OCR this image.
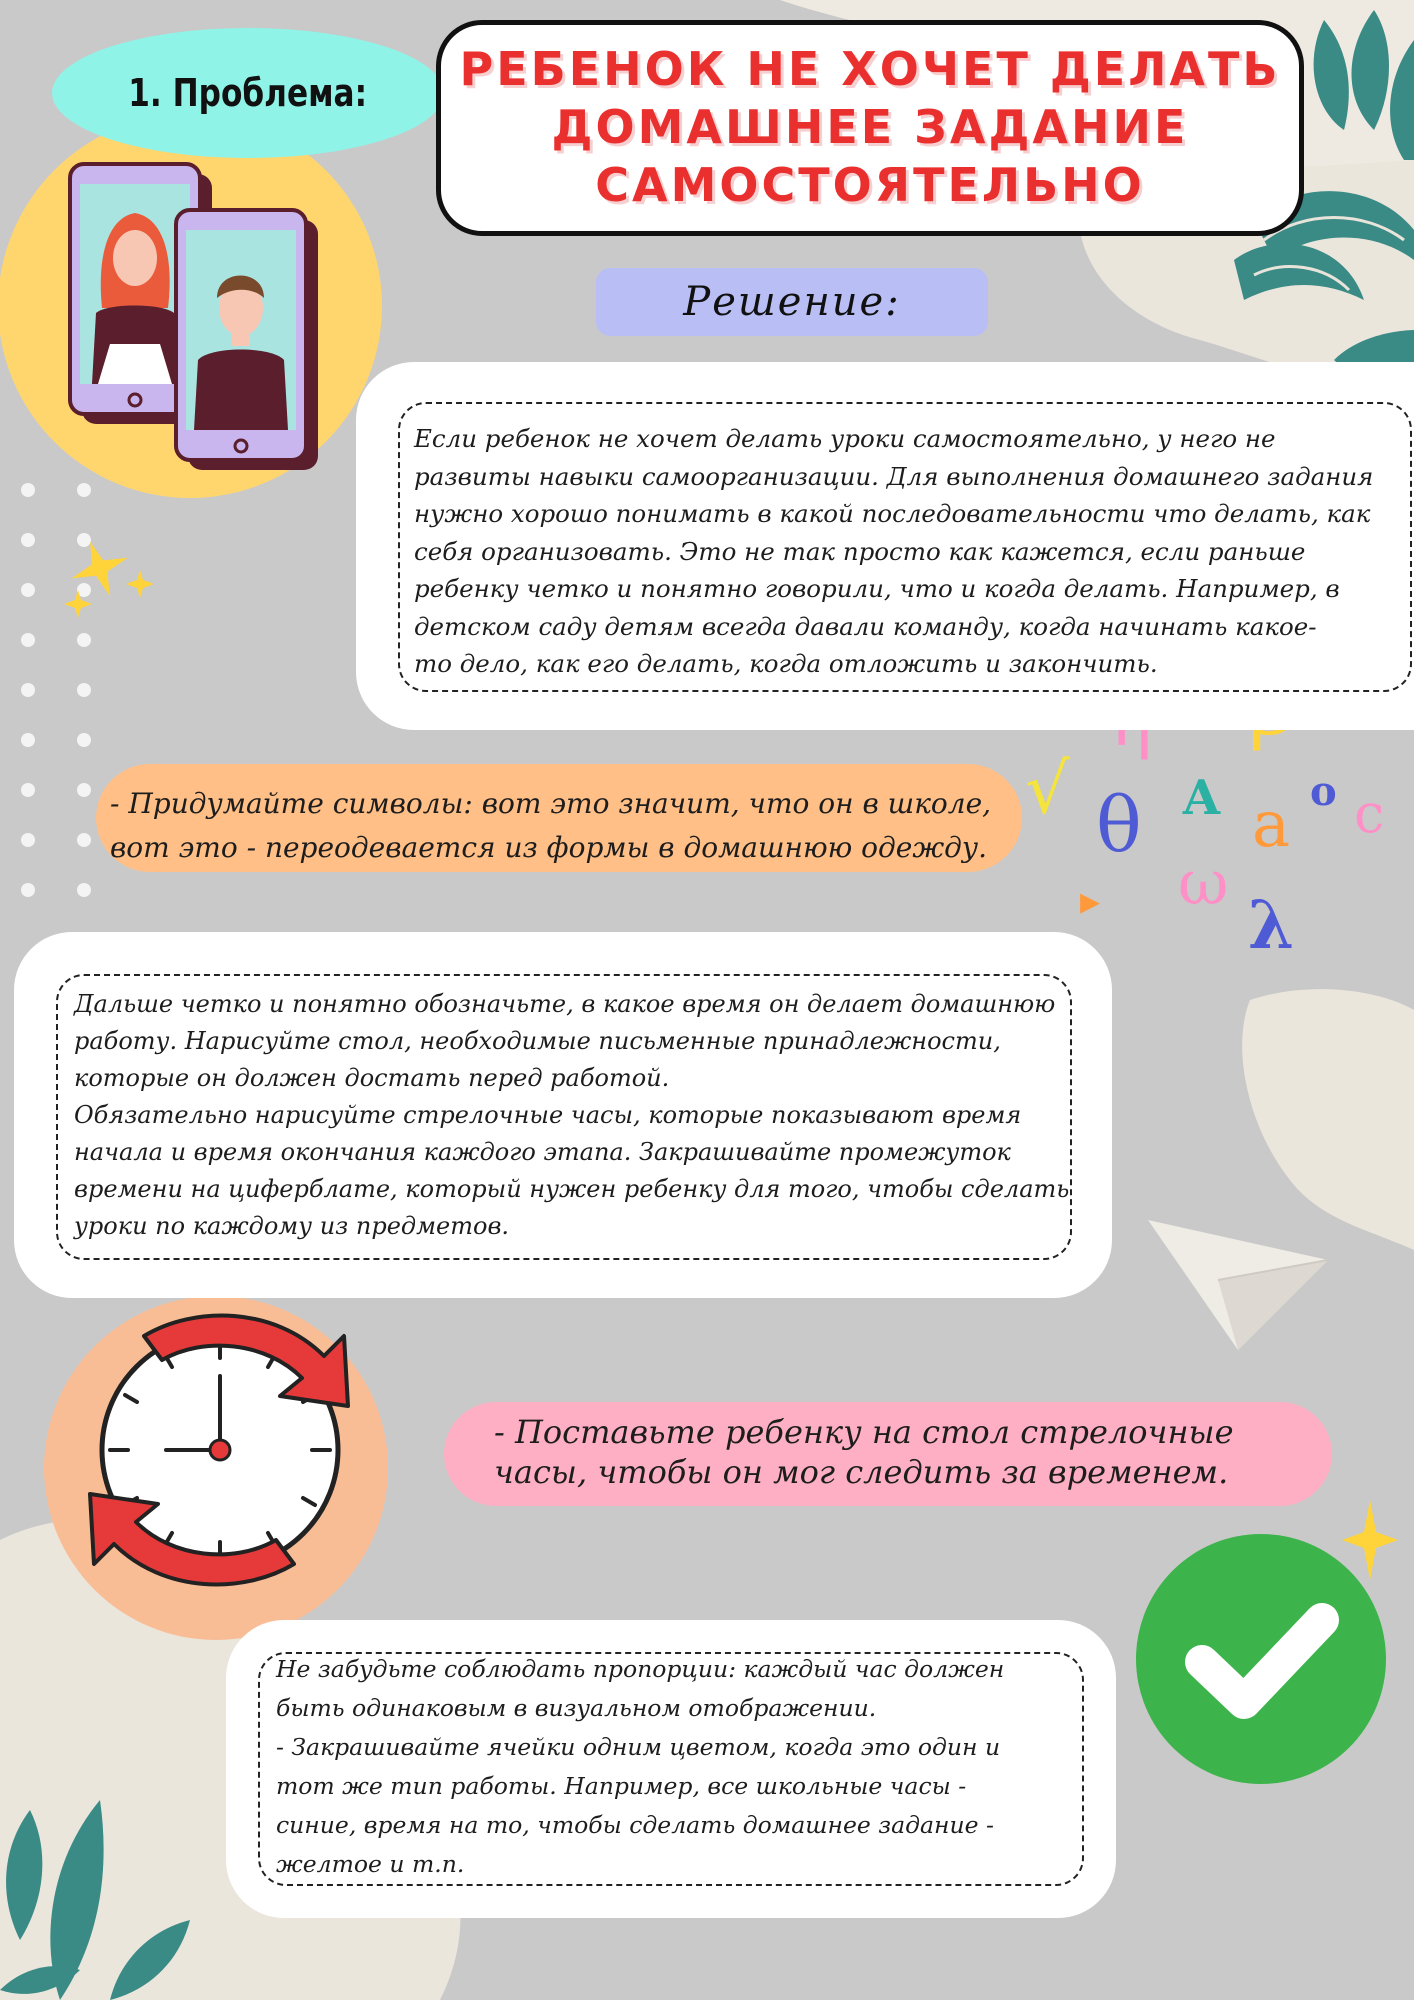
√ А ο
θ а с
ω
λ
▸
1. Проблема:	РЕБЕНОК НЕ ХОЧЕТ ДЕЛАТЬ ДОМАШНЕЕ ЗАДАНИЕ САМОСТОЯТЕЛЬНО
Решение:
Если ребенок не хочет делать уроки самостоятельно, у него не
развиты навыки самоорганизации. Для выполнения домашнего задания
нужно хорошо понимать в какой последовательности что делать, как
себя организовать. Это не так просто как кажется, если раньше
ребенку четко и понятно говорили, что и когда делать. Например, в
детском саду детям всегда давали команду, когда начинать какое-
то дело, как его делать, когда отложить и закончить.
- Придумайте символы: вот это значит, что он в школе,
вот это - переодевается из формы в домашнюю одежду.
Дальше четко и понятно обозначьте, в какое время он делает домашнюю
работу. Нарисуйте стол, необходимые письменные принадлежности,
которые он должен достать перед работой.
Обязательно нарисуйте стрелочные часы, которые показывают время
начала и время окончания каждого этапа. Закрашивайте промежуток
времени на циферблате, который нужен ребенку для того, чтобы сделать
уроки по каждому из предметов.
- Поставьте ребенку на стол стрелочные
часы, чтобы он мог следить за временем.
Не забудьте соблюдать пропорции: каждый час должен
быть одинаковым в визуальном отображении.
- Закрашивайте ячейки одним цветом, когда это один и
тот же тип работы. Например, все школьные часы -
синие, время на то, чтобы сделать домашнее задание -
желтое и т.п.
